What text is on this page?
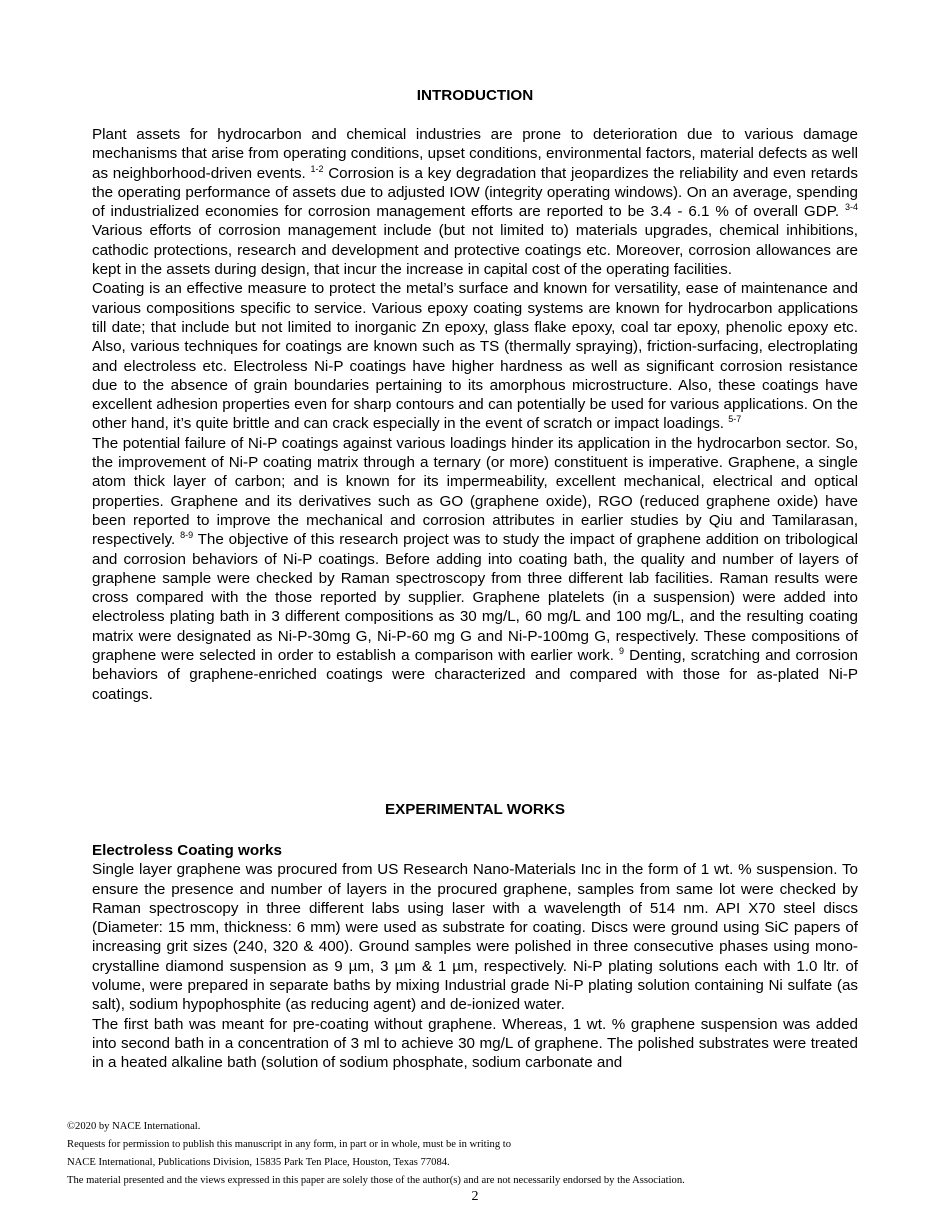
INTRODUCTION

Plant assets for hydrocarbon and chemical industries are prone to deterioration due to various damage mechanisms that arise from operating conditions, upset conditions, environmental factors, material defects as well as neighborhood-driven events. $^{1-2}$ Corrosion is a key degradation that jeopardizes the reliability and even retards the operating performance of assets due to adjusted IOW (integrity operating windows). On an average, spending of industrialized economies for corrosion management efforts are reported to be 3.4 - 6.1 % of overall GDP. $^{3-4}$ Various efforts of corrosion management include (but not limited to) materials upgrades, chemical inhibitions, cathodic protections, research and development and protective coatings etc. Moreover, corrosion allowances are kept in the assets during design, that incur the increase in capital cost of the operating facilities.

Coating is an effective measure to protect the metal’s surface and known for versatility, ease of maintenance and various compositions specific to service. Various epoxy coating systems are known for hydrocarbon applications till date; that include but not limited to inorganic Zn epoxy, glass flake epoxy, coal tar epoxy, phenolic epoxy etc. Also, various techniques for coatings are known such as TS (thermally spraying), friction-surfacing, electroplating and electroless etc. Electroless Ni-P coatings have higher hardness as well as significant corrosion resistance due to the absence of grain boundaries pertaining to its amorphous microstructure. Also, these coatings have excellent adhesion properties even for sharp contours and can potentially be used for various applications. On the other hand, it’s quite brittle and can crack especially in the event of scratch or impact loadings. $^{5-7}$

The potential failure of Ni-P coatings against various loadings hinder its application in the hydrocarbon sector. So, the improvement of Ni-P coating matrix through a ternary (or more) constituent is imperative. Graphene, a single atom thick layer of carbon; and is known for its impermeability, excellent mechanical, electrical and optical properties. Graphene and its derivatives such as GO (graphene oxide), RGO (reduced graphene oxide) have been reported to improve the mechanical and corrosion attributes in earlier studies by Qiu and Tamilarasan, respectively. $^{8-9}$ The objective of this research project was to study the impact of graphene addition on tribological and corrosion behaviors of Ni-P coatings. Before adding into coating bath, the quality and number of layers of graphene sample were checked by Raman spectroscopy from three different lab facilities. Raman results were cross compared with the those reported by supplier. Graphene platelets (in a suspension) were added into electroless plating bath in 3 different compositions as 30 mg/L, 60 mg/L and 100 mg/L, and the resulting coating matrix were designated as Ni-P-30mg G, Ni-P-60 mg G and Ni-P-100mg G, respectively. These compositions of graphene were selected in order to establish a comparison with earlier work. $^9$ Denting, scratching and corrosion behaviors of graphene-enriched coatings were characterized and compared with those for as-plated Ni-P coatings.

EXPERIMENTAL WORKS

Electroless Coating works

Single layer graphene was procured from US Research Nano-Materials Inc in the form of 1 wt. % suspension. To ensure the presence and number of layers in the procured graphene, samples from same lot were checked by Raman spectroscopy in three different labs using laser with a wavelength of 514 nm. API X70 steel discs (Diameter: 15 mm, thickness: 6 mm) were used as substrate for coating. Discs were ground using SiC papers of increasing grit sizes (240, 320 & 400). Ground samples were polished in three consecutive phases using mono-crystalline diamond suspension as 9 µm, 3 µm & 1 µm, respectively. Ni-P plating solutions each with 1.0 ltr. of volume, were prepared in separate baths by mixing Industrial grade Ni-P plating solution containing Ni sulfate (as salt), sodium hypophosphite (as reducing agent) and de-ionized water.

The first bath was meant for pre-coating without graphene. Whereas, 1 wt. % graphene suspension was added into second bath in a concentration of 3 ml to achieve 30 mg/L of graphene. The polished substrates were treated in a heated alkaline bath (solution of sodium phosphate, sodium carbonate and

©2020 by NACE International.
Requests for permission to publish this manuscript in any form, in part or in whole, must be in writing to
NACE International, Publications Division, 15835 Park Ten Place, Houston, Texas 77084.
The material presented and the views expressed in this paper are solely those of the author(s) and are not necessarily endorsed by the Association.
2
